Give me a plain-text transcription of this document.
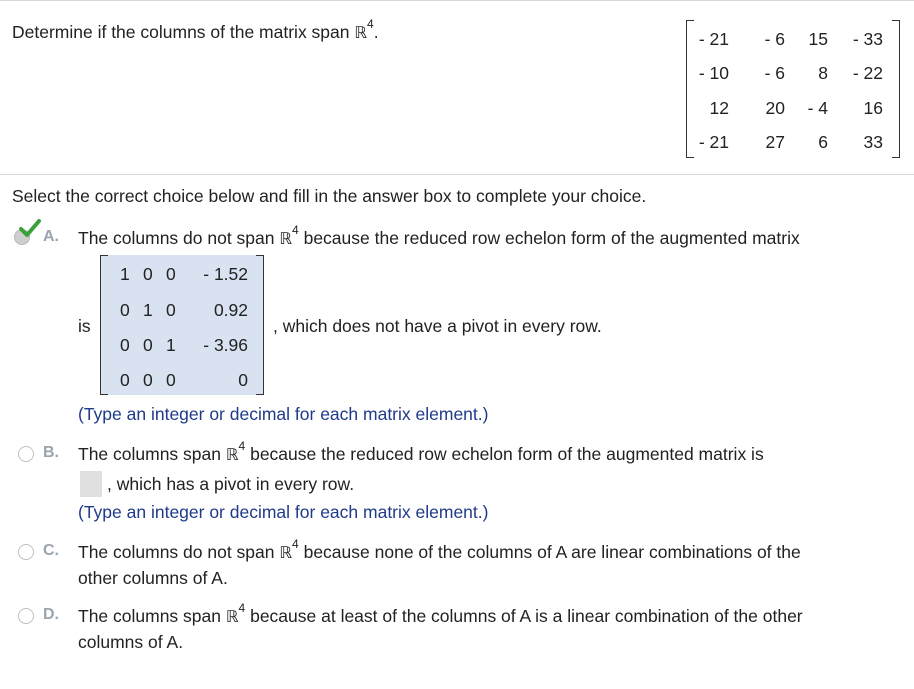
Determine if the columns of the matrix span ℝ$^4$.	- 21 - 6 15 - 33
- 10 - 6 8 - 22
12 20 - 4 16
- 21 27 6 33
Select the correct choice below and fill in the answer box to complete your choice.
A. The columns do not span ℝ$^4$ because the reduced row echelon form of the augmented matrix
is
1 0 0 - 1.52
0 1 0 0.92
0 0 1 - 3.96
0 0 0	0
, which does not have a pivot in every row.
(Type an integer or decimal for each matrix element.)
B. The columns span ℝ$^4$ because the reduced row echelon form of the augmented matrix is
, which has a pivot in every row.
(Type an integer or decimal for each matrix element.)
C. The columns do not span ℝ$^4$ because none of the columns of A are linear combinations of the
other columns of A.
D. The columns span ℝ$^4$ because at least of the columns of A is a linear combination of the other
columns of A.
